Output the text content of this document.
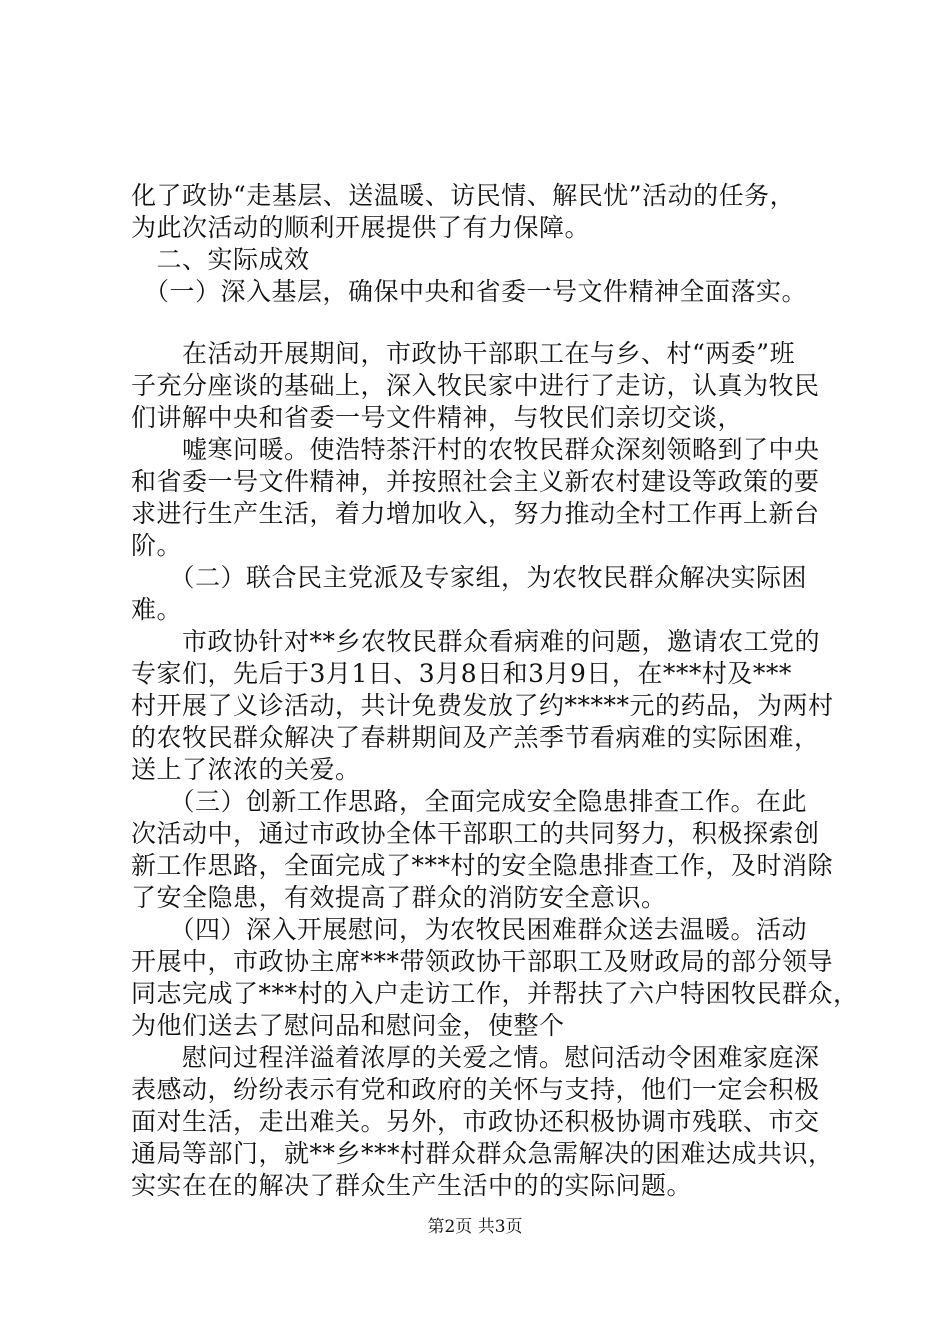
化了政协“走基层、送温暖、访民情、解民忧”活动的任务，
为此次活动的顺利开展提供了有力保障。
　二、实际成效
　（一）深入基层，确保中央和省委一号文件精神全面落实。
　　在活动开展期间，市政协干部职工在与乡、村“两委”班
子充分座谈的基础上，深入牧民家中进行了走访，认真为牧民
们讲解中央和省委一号文件精神，与牧民们亲切交谈，
　　嘘寒问暖。使浩特茶汗村的农牧民群众深刻领略到了中央
和省委一号文件精神，并按照社会主义新农村建设等政策的要
求进行生产生活，着力增加收入，努力推动全村工作再上新台
阶。
　　（二）联合民主党派及专家组，为农牧民群众解决实际困
难。
　　市政协针对**乡农牧民群众看病难的问题，邀请农工党的
专家们，先后于3月1日、3月8日和3月9日，在***村及***
村开展了义诊活动，共计免费发放了约*****元的药品，为两村
的农牧民群众解决了春耕期间及产羔季节看病难的实际困难，
送上了浓浓的关爱。
　　（三）创新工作思路，全面完成安全隐患排查工作。在此
次活动中，通过市政协全体干部职工的共同努力，积极探索创
新工作思路，全面完成了***村的安全隐患排查工作，及时消除
了安全隐患，有效提高了群众的消防安全意识。
　　（四）深入开展慰问，为农牧民困难群众送去温暖。活动
开展中，市政协主席***带领政协干部职工及财政局的部分领导
同志完成了***村的入户走访工作，并帮扶了六户特困牧民群众，
为他们送去了慰问品和慰问金，使整个
　　慰问过程洋溢着浓厚的关爱之情。慰问活动令困难家庭深
表感动，纷纷表示有党和政府的关怀与支持，他们一定会积极
面对生活，走出难关。另外，市政协还积极协调市残联、市交
通局等部门，就**乡***村群众群众急需解决的困难达成共识，
实实在在的解决了群众生产生活中的的实际问题。
第2页 共3页
